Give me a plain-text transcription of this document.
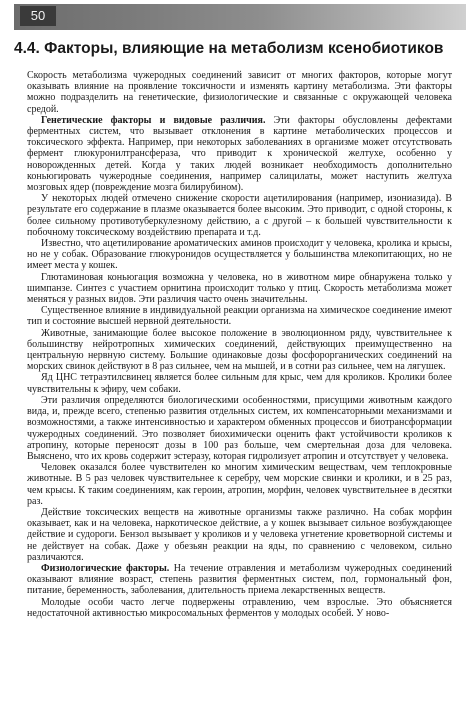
50
4.4. Факторы, влияющие на метаболизм ксенобиотиков

Скорость метаболизма чужеродных соединений зависит от многих факторов, которые могут оказывать влияние на проявление токсичности и изменять картину метаболизма. Эти факторы можно подразделить на генетические, физиологические и связанные с окружающей человека средой.

Генетические факторы и видовые различия. Эти факторы обусловлены дефектами ферментных систем, что вызывает отклонения в картине метаболических процессов и токсического эффекта. Например, при некоторых заболеваниях в организме может отсутствовать фермент глюкуронилтрансфераза, что приводит к хронической желтухе, особенно у новорожденных детей. Когда у таких людей возникает необходимость дополнительно коньюгировать чужеродные соединения, например салицилаты, может наступить желтуха мозговых ядер (повреждение мозга билирубином).

У некоторых людей отмечено снижение скорости ацетилирования (например, изониазида). В результате его содержание в плазме оказывается более высоким. Это приводит, с одной стороны, к более сильному противотуберкулезному действию, а с другой – к большей чувствительности к побочному токсическому воздействию препарата и т.д.

Известно, что ацетилирование ароматических аминов происходит у человека, кролика и крысы, но не у собак. Образование глюкуронидов осуществляется у большинства млекопитающих, но не имеет места у кошек.

Глютаминовая коньюгация возможна у человека, но в животном мире обнаружена только у шимпанзе. Синтез с участием орнитина происходит только у птиц. Скорость метаболизма может меняться у разных видов. Эти различия часто очень значительны.

Существенное влияние в индивидуальной реакции организма на химическое соединение имеют тип и состояние высшей нервной деятельности.

Животные, занимающие более высокое положение в эволюционном ряду, чувствительнее к большинству нейротропных химических соединений, действующих преимущественно на центральную нервную систему. Большие одинаковые дозы фосфорорганических соединений на морских свинок действуют в 8 раз сильнее, чем на мышей, и в сотни раз сильнее, чем на лягушек.

Яд ЦНС тетраэтилсвинец является более сильным для крыс, чем для кроликов. Кролики более чувствительны к эфиру, чем собаки.

Эти различия определяются биологическими особенностями, присущими животным каждого вида, и, прежде всего, степенью развития отдельных систем, их компенсаторными механизмами и возможностями, а также интенсивностью и характером обменных процессов и биотрансформации чужеродных соединений. Это позволяет биохимически оценить факт устойчивости кроликов к атропину, которые переносят дозы в 100 раз больше, чем смертельная доза для человека. Выяснено, что их кровь содержит эстеразу, которая гидролизует атропин и отсутствует у человека.

Человек оказался более чувствителен ко многим химическим веществам, чем теплокровные животные. В 5 раз человек чувствительнее к серебру, чем морские свинки и кролики, и в 25 раз, чем крысы. К таким соединениям, как героин, атропин, морфин, человек чувствительнее в десятки раз.

Действие токсических веществ на животные организмы также различно. На собак морфин оказывает, как и на человека, наркотическое действие, а у кошек вызывает сильное возбуждающее действие и судороги. Бензол вызывает у кроликов и у человека угнетение кроветворной системы и не действует на собак. Даже у обезьян реакции на яды, по сравнению с человеком, сильно различаются.

Физиологические факторы. На течение отравления и метаболизм чужеродных соединений оказывают влияние возраст, степень развития ферментных систем, пол, гормональный фон, питание, беременность, заболевания, длительность приема лекарственных веществ.

Молодые особи часто легче подвержены отравлению, чем взрослые. Это объясняется недостаточной активностью микросомальных ферментов у молодых особей. У ново-
